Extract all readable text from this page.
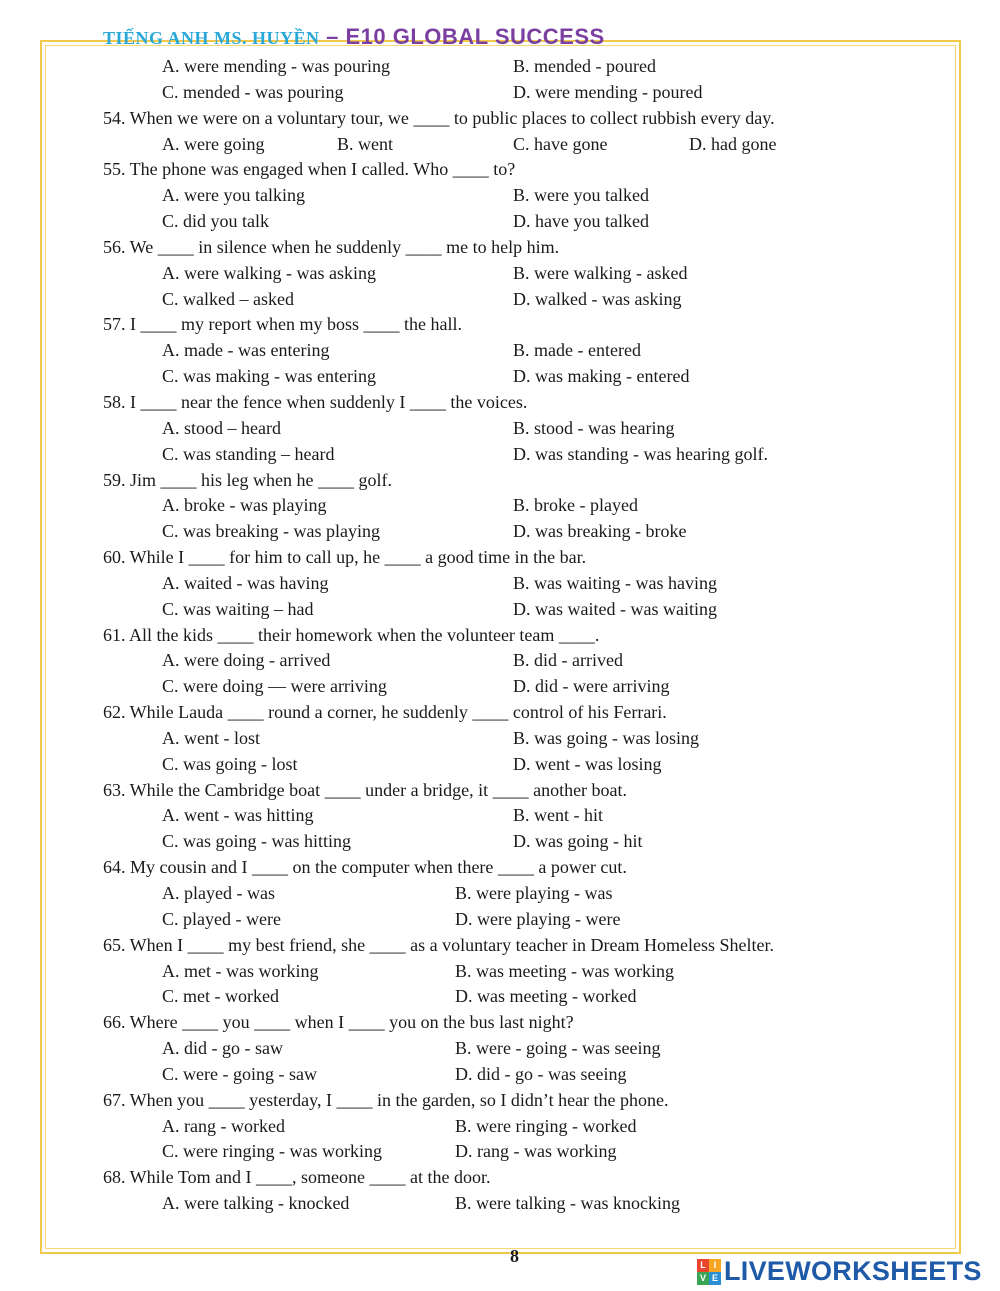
TIẾNG ANH MS. HUYỀN – E10 GLOBAL SUCCESS
A. were mending - was pouring	B. mended - poured
C. mended - was pouring	D. were mending - poured
54. When we were on a voluntary tour, we ____ to public places to collect rubbish every day.
A. were going	B. went	C. have gone	D. had gone
55. The phone was engaged when I called. Who ____ to?
A. were you talking	B. were you talked
C. did you talk	D. have you talked
56. We ____ in silence when he suddenly ____ me to help him.
A. were walking - was asking	B. were walking - asked
C. walked – asked	D. walked - was asking
57. I ____ my report when my boss ____ the hall.
A. made - was entering	B. made - entered
C. was making - was entering	D. was making - entered
58. I ____ near the fence when suddenly I ____ the voices.
A. stood – heard	B. stood - was hearing
C. was standing – heard	D. was standing - was hearing golf.
59. Jim ____ his leg when he ____ golf.
A. broke - was playing	B. broke - played
C. was breaking - was playing	D. was breaking - broke
60. While I ____ for him to call up, he ____ a good time in the bar.
A. waited - was having	B. was waiting - was having
C. was waiting – had	D. was waited - was waiting
61. All the kids ____ their homework when the volunteer team ____.
A. were doing - arrived	B. did - arrived
C. were doing — were arriving	D. did - were arriving
62. While Lauda ____ round a corner, he suddenly ____ control of his Ferrari.
A. went - lost	B. was going - was losing
C. was going - lost	D. went - was losing
63. While the Cambridge boat ____ under a bridge, it ____ another boat.
A. went - was hitting	B. went - hit
C. was going - was hitting	D. was going - hit
64. My cousin and I ____ on the computer when there ____ a power cut.
A. played - was	B. were playing - was
C. played - were	D. were playing - were
65. When I ____ my best friend, she ____ as a voluntary teacher in Dream Homeless Shelter.
A. met - was working	B. was meeting - was working
C. met - worked	D. was meeting - worked
66. Where ____ you ____ when I ____ you on the bus last night?
A. did - go - saw	B. were - going - was seeing
C. were - going - saw	D. did - go - was seeing
67. When you ____ yesterday, I ____ in the garden, so I didn’t hear the phone.
A. rang - worked	B. were ringing - worked
C. were ringing - was working	D. rang - was working
68. While Tom and I ____, someone ____ at the door.
A. were talking - knocked	B. were talking - was knocking
8	L I
V E LIVEWORKSHEETS
